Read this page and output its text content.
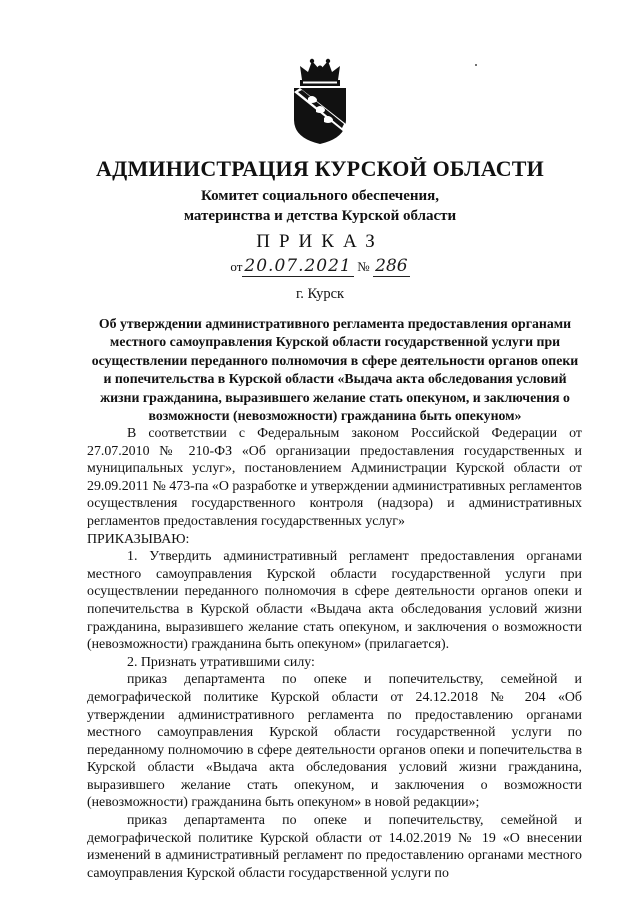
АДМИНИСТРАЦИЯ КУРСКОЙ ОБЛАСТИ
Комитет социального обеспечения,
материнства и детства Курской области
ПРИКАЗ
от 20.07.2021 № 286
г. Курск
Об утверждении административного регламента предоставления органами местного самоуправления Курской области государственной услуги при осуществлении переданного полномочия в сфере деятельности органов опеки и попечительства в Курской области «Выдача акта обследования условий жизни гражданина, выразившего желание стать опекуном, и заключения о возможности (невозможности) гражданина быть опекуном»

В соответствии с Федеральным законом Российской Федерации от 27.07.2010 № 210-ФЗ «Об организации предоставления государственных и муниципальных услуг», постановлением Администрации Курской области от 29.09.2011 № 473-па «О разработке и утверждении административных регламентов осуществления государственного контроля (надзора) и административных регламентов предоставления государственных услуг»

ПРИКАЗЫВАЮ:

1. Утвердить административный регламент предоставления органами местного самоуправления Курской области государственной услуги при осуществлении переданного полномочия в сфере деятельности органов опеки и попечительства в Курской области «Выдача акта обследования условий жизни гражданина, выразившего желание стать опекуном, и заключения о возможности (невозможности) гражданина быть опекуном» (прилагается).

2. Признать утратившими силу:

приказ департамента по опеке и попечительству, семейной и демографической политике Курской области от 24.12.2018 № 204 «Об утверждении административного регламента по предоставлению органами местного самоуправления Курской области государственной услуги по переданному полномочию в сфере деятельности органов опеки и попечительства в Курской области «Выдача акта обследования условий жизни гражданина, выразившего желание стать опекуном, и заключения о возможности (невозможности) гражданина быть опекуном» в новой редакции»;

приказ департамента по опеке и попечительству, семейной и демографической политике Курской области от 14.02.2019 № 19 «О внесении изменений в административный регламент по предоставлению органами местного самоуправления Курской области государственной услуги по
